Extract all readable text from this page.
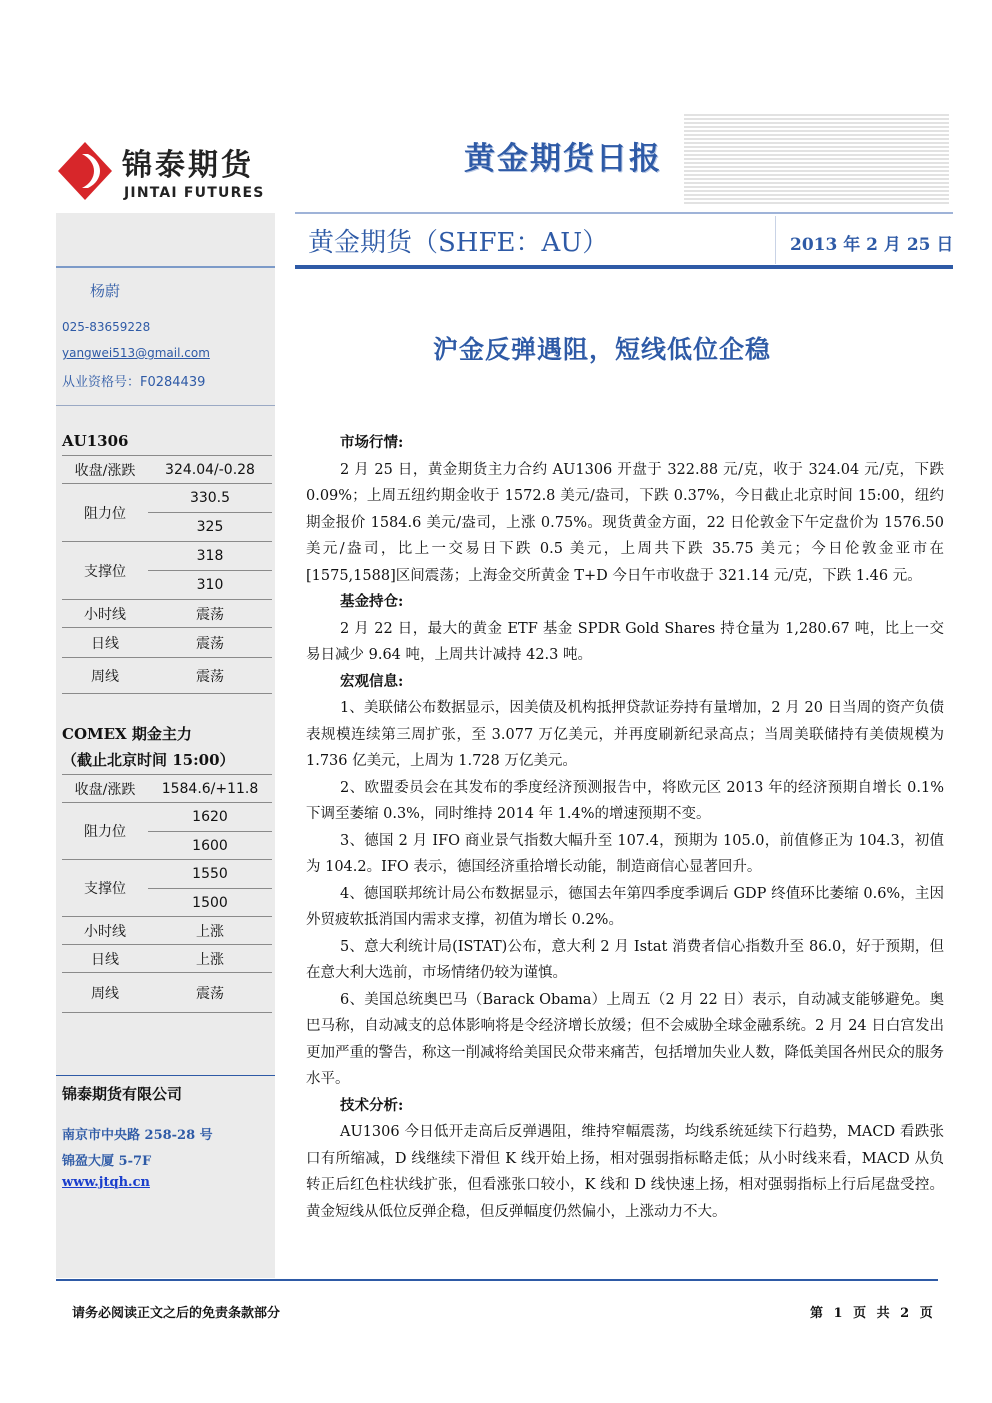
锦泰期货
JINTAI FUTURES
黄金期货日报
黄金期货（SHFE：AU）	2013 年 2 月 25 日
杨蔚
025-83659228
yangwei513@gmail.com
从业资格号：F0284439
AU1306
收盘/涨跌	324.04/-0.28
阻力位	330.5
	325
支撑位	318
	310
小时线	震荡
日线	震荡
周线	震荡
COMEX 期金主力
（截止北京时间 15:00）
收盘/涨跌	1584.6/+11.8
阻力位	1620
	1600
支撑位	1550
	1500
小时线	上涨
日线	上涨
周线	震荡
锦泰期货有限公司
南京市中央路 258-28 号
锦盈大厦 5-7F
www.jtqh.cn
沪金反弹遇阻，短线低位企稳

市场行情:

2 月 25 日，黄金期货主力合约 AU1306 开盘于 322.88 元/克，收于 324.04 元/克，下跌 0.09%；上周五纽约期金收于 1572.8 美元/盎司，下跌 0.37%，今日截止北京时间 15:00，纽约期金报价 1584.6 美元/盎司，上涨 0.75%。现货黄金方面，22 日伦敦金下午定盘价为 1576.50 美元/盎司，比上一交易日下跌 0.5 美元，上周共下跌 35.75 美元；今日伦敦金亚市在[1575,1588]区间震荡；上海金交所黄金 T+D 今日午市收盘于 321.14 元/克，下跌 1.46 元。

基金持仓:

2 月 22 日，最大的黄金 ETF 基金 SPDR Gold Shares 持仓量为 1,280.67 吨，比上一交易日减少 9.64 吨，上周共计减持 42.3 吨。

宏观信息:

1、美联储公布数据显示，因美债及机构抵押贷款证券持有量增加，2 月 20 日当周的资产负债表规模连续第三周扩张，至 3.077 万亿美元，并再度刷新纪录高点；当周美联储持有美债规模为 1.736 亿美元，上周为 1.728 万亿美元。

2、欧盟委员会在其发布的季度经济预测报告中，将欧元区 2013 年的经济预期自增长 0.1%下调至萎缩 0.3%，同时维持 2014 年 1.4%的增速预期不变。

3、德国 2 月 IFO 商业景气指数大幅升至 107.4，预期为 105.0，前值修正为 104.3，初值为 104.2。IFO 表示，德国经济重拾增长动能，制造商信心显著回升。

4、德国联邦统计局公布数据显示，德国去年第四季度季调后 GDP 终值环比萎缩 0.6%，主因外贸疲软抵消国内需求支撑，初值为增长 0.2%。

5、意大利统计局(ISTAT)公布，意大利 2 月 Istat 消费者信心指数升至 86.0，好于预期，但在意大利大选前，市场情绪仍较为谨慎。

6、美国总统奥巴马（Barack Obama）上周五（2 月 22 日）表示，自动减支能够避免。奥巴马称，自动减支的总体影响将是令经济增长放缓；但不会威胁全球金融系统。2 月 24 日白宫发出更加严重的警告，称这一削减将给美国民众带来痛苦，包括增加失业人数，降低美国各州民众的服务水平。

技术分析:

AU1306 今日低开走高后反弹遇阻，维持窄幅震荡，均线系统延续下行趋势，MACD 看跌张口有所缩减，D 线继续下滑但 K 线开始上扬，相对强弱指标略走低；从小时线来看，MACD 从负转正后红色柱状线扩张，但看涨张口较小，K 线和 D 线快速上扬，相对强弱指标上行后尾盘受控。黄金短线从低位反弹企稳，但反弹幅度仍然偏小，上涨动力不大。

请务必阅读正文之后的免责条款部分	第 1 页 共 2 页
